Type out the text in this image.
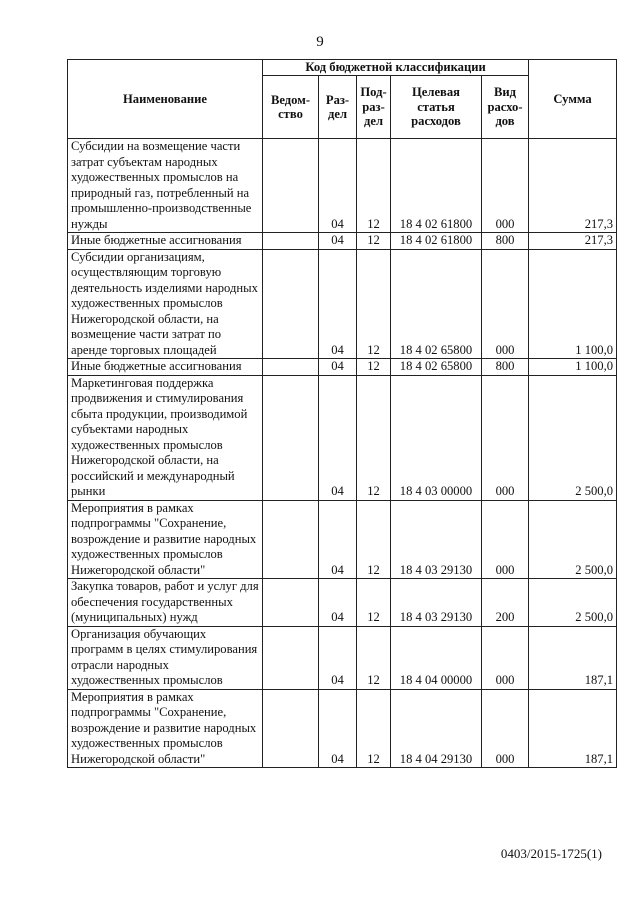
9
Наименование	Код бюджетной классификации					Сумма
	Ведом-ство	Раз-дел	Под-раз-дел	Целевая статья расходов	Вид расхо-дов	
Субсидии на возмещение части затрат субъектам народных художественных промыслов на природный газ, потребленный на промышленно-производственные нужды		04	12	18 4 02 61800	000	217,3
Иные бюджетные ассигнования		04	12	18 4 02 61800	800	217,3
Субсидии организациям, осуществляющим торговую деятельность изделиями народных художественных промыслов Нижегородской области, на возмещение части затрат по аренде торговых площадей		04	12	18 4 02 65800	000	1 100,0
Иные бюджетные ассигнования		04	12	18 4 02 65800	800	1 100,0
Маркетинговая поддержка продвижения и стимулирования сбыта продукции, производимой субъектами народных художественных промыслов Нижегородской области, на российский и международный рынки		04	12	18 4 03 00000	000	2 500,0
Мероприятия в рамках подпрограммы "Сохранение, возрождение и развитие народных художественных промыслов Нижегородской области"		04	12	18 4 03 29130	000	2 500,0
Закупка товаров, работ и услуг для обеспечения государственных (муниципальных) нужд		04	12	18 4 03 29130	200	2 500,0
Организация обучающих программ в целях стимулирования отрасли народных художественных промыслов		04	12	18 4 04 00000	000	187,1
Мероприятия в рамках подпрограммы "Сохранение, возрождение и развитие народных художественных промыслов Нижегородской области"		04	12	18 4 04 29130	000	187,1
0403/2015-1725(1)
